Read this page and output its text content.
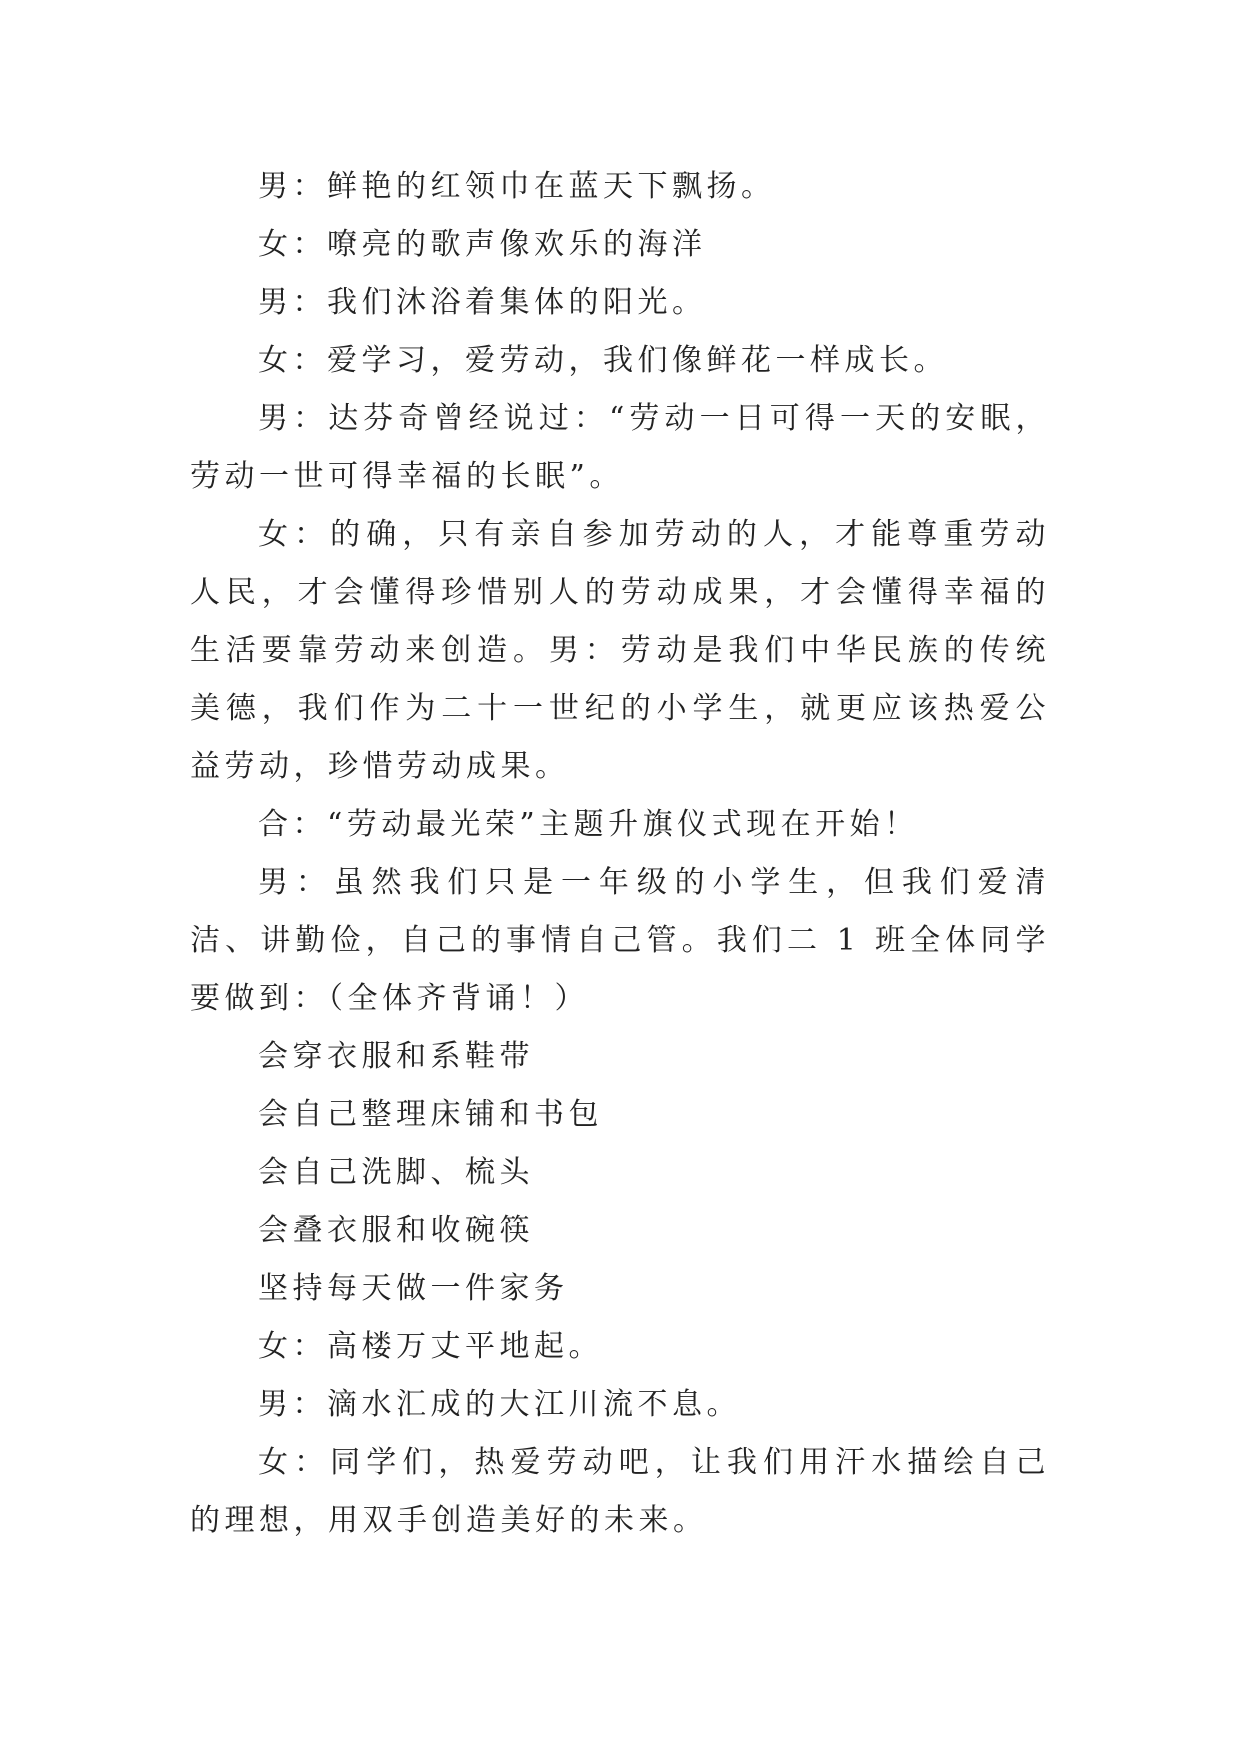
男：鲜艳的红领巾在蓝天下飘扬。

女：嘹亮的歌声像欢乐的海洋

男：我们沐浴着集体的阳光。

女：爱学习，爱劳动，我们像鲜花一样成长。

男：达芬奇曾经说过：“劳动一日可得一天的安眠，劳动一世可得幸福的长眠”。

女：的确，只有亲自参加劳动的人，才能尊重劳动人民，才会懂得珍惜别人的劳动成果，才会懂得幸福的生活要靠劳动来创造。男：劳动是我们中华民族的传统美德，我们作为二十一世纪的小学生，就更应该热爱公益劳动，珍惜劳动成果。

合：“劳动最光荣”主题升旗仪式现在开始！

男：虽然我们只是一年级的小学生，但我们爱清洁、讲勤俭，自己的事情自己管。我们二 1 班全体同学要做到：（全体齐背诵！）

会穿衣服和系鞋带

会自己整理床铺和书包

会自己洗脚、梳头

会叠衣服和收碗筷

坚持每天做一件家务

女：高楼万丈平地起。

男：滴水汇成的大江川流不息。

女：同学们，热爱劳动吧，让我们用汗水描绘自己的理想，用双手创造美好的未来。
